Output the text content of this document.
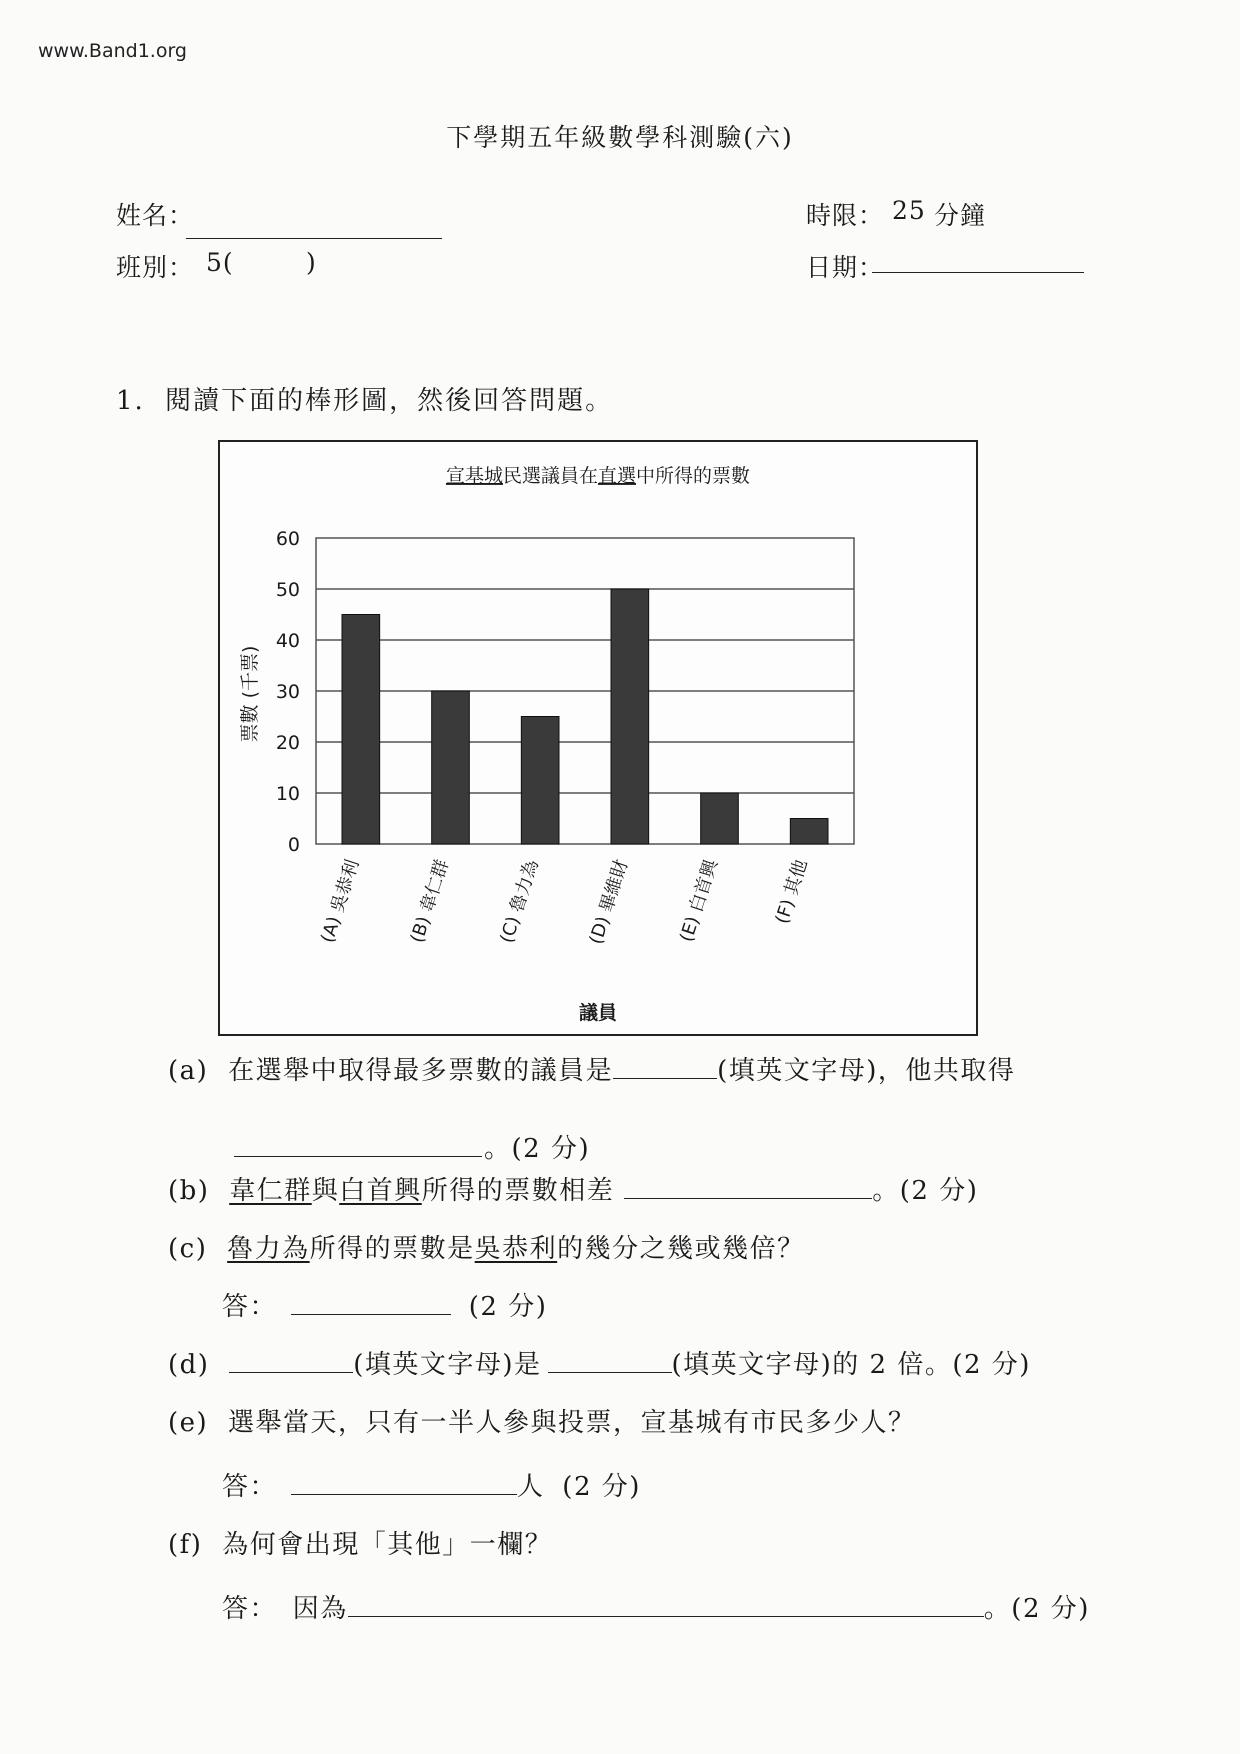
www.Band1.org
下學期五年級數學科測驗(六)
姓名：
班別： 5(	)
時限： 25 分鐘
日期：
1. 閱讀下面的棒形圖，然後回答問題。
宣基城民選議員在直選中所得的票數
0
10
20
30
40
50
60
(A) 吳恭利 (B) 韋仁群 (C) 魯力為 (D) 畢維財 (E) 白首興	(F) 其他
票數 (千票)
議員
(a) 在選舉中取得最多票數的議員是	(填英文字母)，他共取得
。(2 分)
(b) 韋仁群與白首興所得的票數相差	。(2 分)
(c) 魯力為所得的票數是吳恭利的幾分之幾或幾倍？
答：	(2 分)
(d)	(填英文字母)是	(填英文字母)的 2 倍。(2 分)
(e) 選舉當天，只有一半人參與投票，宣基城有市民多少人？
答：	人 (2 分)
(f) 為何會出現「其他」一欄？
答： 因為	。(2 分)
